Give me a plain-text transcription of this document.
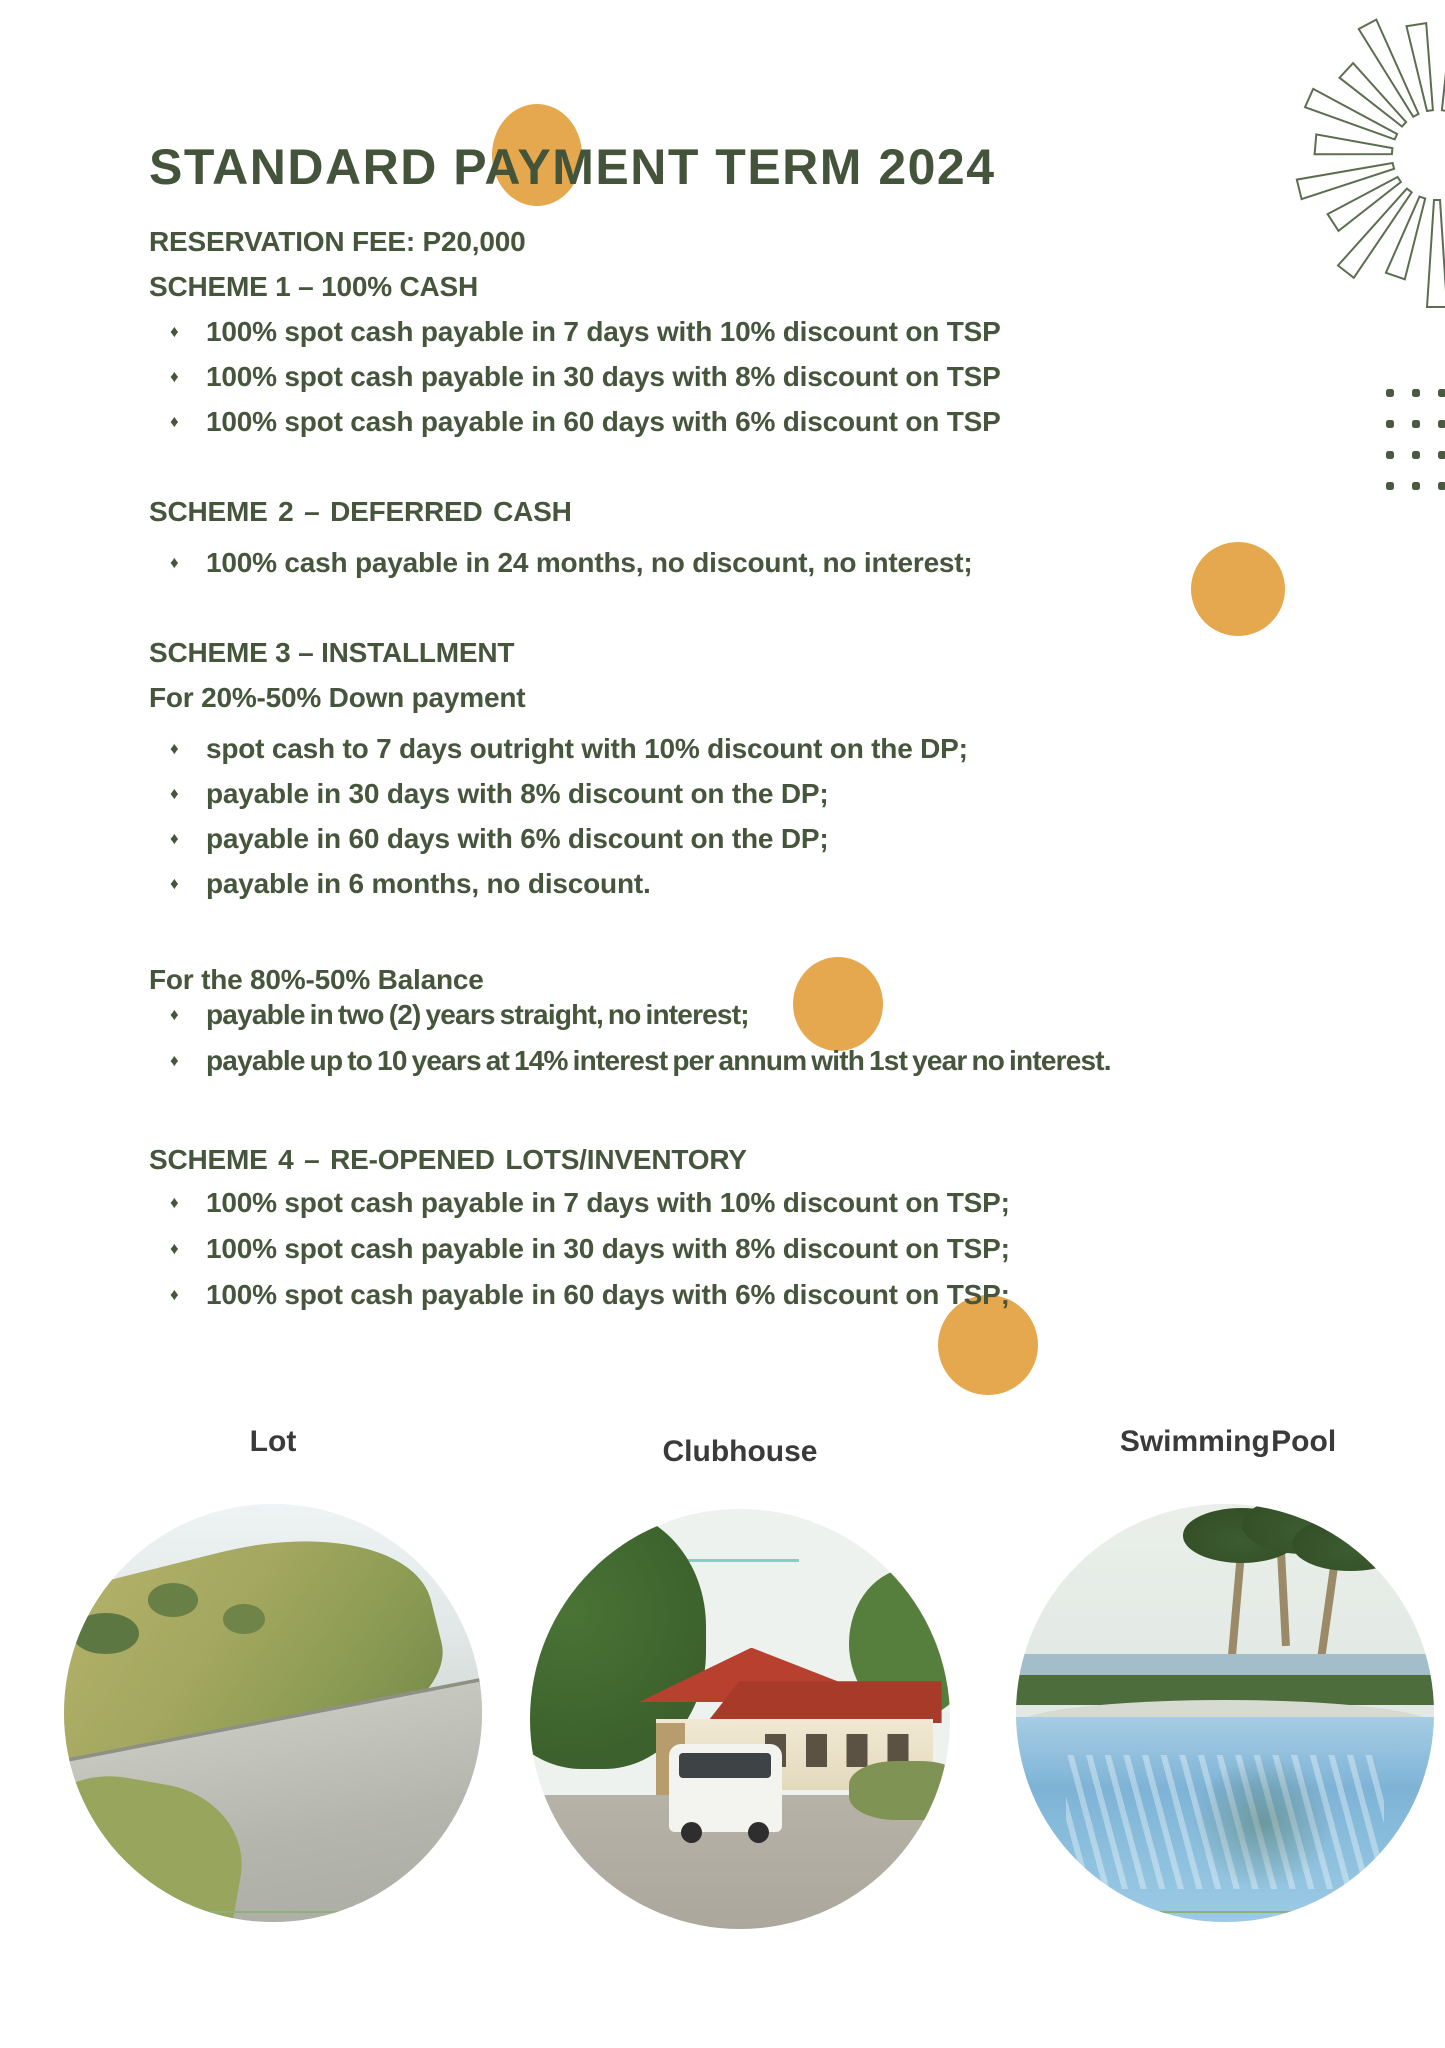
STANDARD PAYMENT TERM 2024
RESERVATION FEE: P20,000
SCHEME 1 – 100% CASH
♦ 100% spot cash payable in 7 days with 10% discount on TSP
♦ 100% spot cash payable in 30 days with 8% discount on TSP
♦ 100% spot cash payable in 60 days with 6% discount on TSP
SCHEME 2 – DEFERRED CASH
♦ 100% cash payable in 24 months, no discount, no interest;
SCHEME 3 – INSTALLMENT
For 20%-50% Down payment
♦ spot cash to 7 days outright with 10% discount on the DP;
♦ payable in 30 days with 8% discount on the DP;
♦ payable in 60 days with 6% discount on the DP;
♦ payable in 6 months, no discount.
For the 80%-50% Balance
♦ payable in two (2) years straight, no interest;
♦ payable up to 10 years at 14% interest per annum with 1st year no interest.
SCHEME 4 – RE-OPENED LOTS/INVENTORY
♦ 100% spot cash payable in 7 days with 10% discount on TSP;
♦ 100% spot cash payable in 30 days with 8% discount on TSP;
♦ 100% spot cash payable in 60 days with 6% discount on TSP;
Lot	Clubhouse	Swimming Pool
